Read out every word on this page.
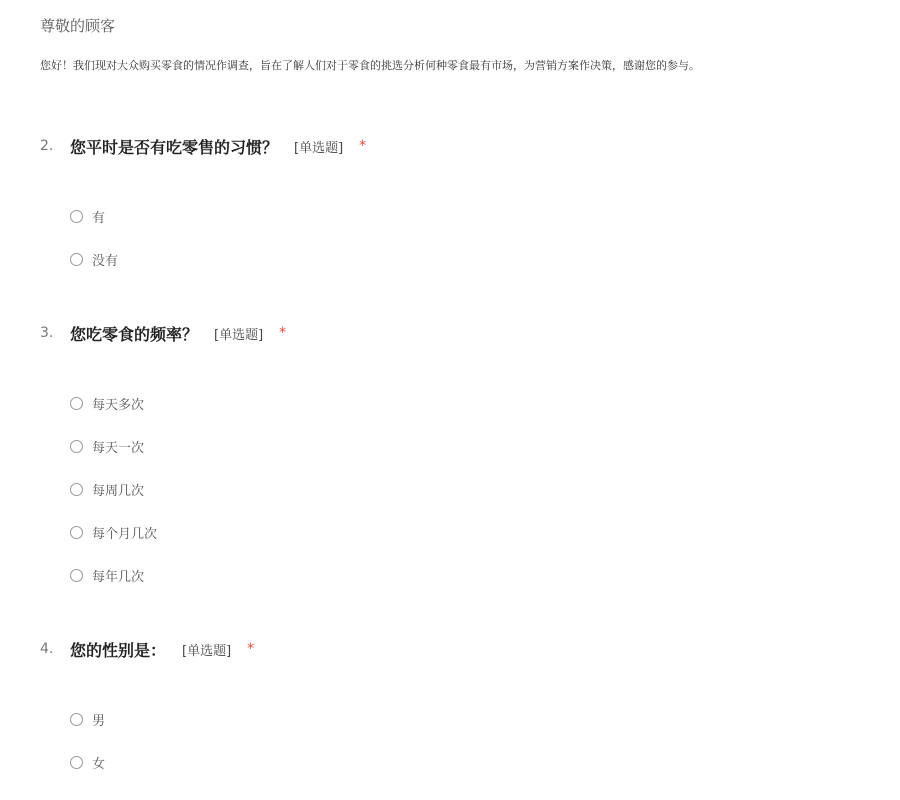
尊敬的顾客
您好！我们现对大众购买零食的情况作调查，旨在了解人们对于零食的挑选分析何种零食最有市场，为营销方案作决策，感谢您的参与。
2.	您平时是否有吃零售的习惯？ [单选题] *
有
没有
3.	您吃零食的频率？ [单选题] *
每天多次
每天一次
每周几次
每个月几次
每年几次
4.	您的性别是： [单选题] *
男
女
